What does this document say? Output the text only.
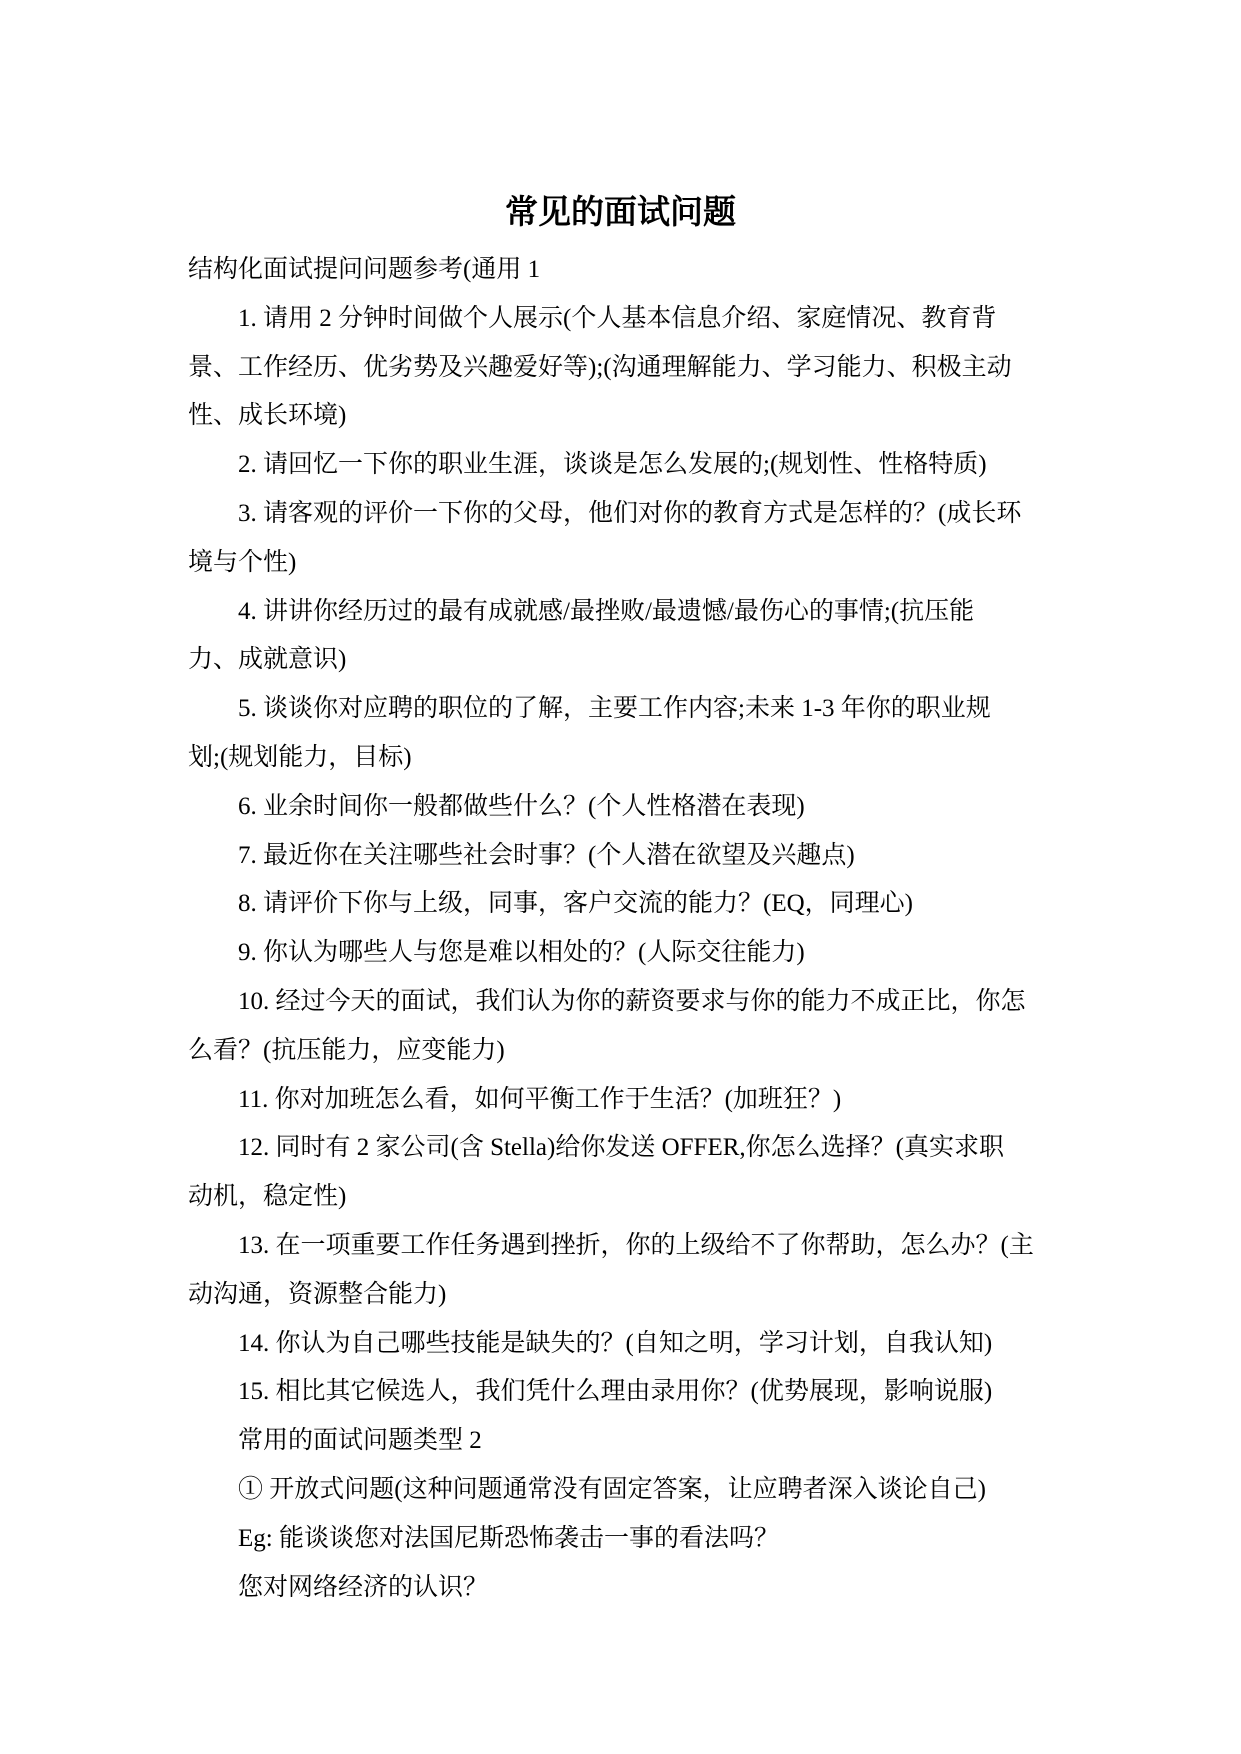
常见的面试问题
结构化面试提问问题参考(通用 1
1. 请用 2 分钟时间做个人展示(个人基本信息介绍、家庭情况、教育背
景、工作经历、优劣势及兴趣爱好等);(沟通理解能力、学习能力、积极主动
性、成长环境)
2. 请回忆一下你的职业生涯，谈谈是怎么发展的;(规划性、性格特质)
3. 请客观的评价一下你的父母，他们对你的教育方式是怎样的？(成长环
境与个性)
4. 讲讲你经历过的最有成就感/最挫败/最遗憾/最伤心的事情;(抗压能
力、成就意识)
5. 谈谈你对应聘的职位的了解，主要工作内容;未来 1-3 年你的职业规
划;(规划能力，目标)
6. 业余时间你一般都做些什么？(个人性格潜在表现)
7. 最近你在关注哪些社会时事？(个人潜在欲望及兴趣点)
8. 请评价下你与上级，同事，客户交流的能力？(EQ，同理心)
9. 你认为哪些人与您是难以相处的？(人际交往能力)
10. 经过今天的面试，我们认为你的薪资要求与你的能力不成正比，你怎
么看？(抗压能力，应变能力)
11. 你对加班怎么看，如何平衡工作于生活？(加班狂？)
12. 同时有 2 家公司(含 Stella)给你发送 OFFER,你怎么选择？(真实求职
动机，稳定性)
13. 在一项重要工作任务遇到挫折，你的上级给不了你帮助，怎么办？(主
动沟通，资源整合能力)
14. 你认为自己哪些技能是缺失的？(自知之明，学习计划，自我认知)
15. 相比其它候选人，我们凭什么理由录用你？(优势展现，影响说服)
常用的面试问题类型 2
① 开放式问题(这种问题通常没有固定答案，让应聘者深入谈论自己)
Eg: 能谈谈您对法国尼斯恐怖袭击一事的看法吗？
您对网络经济的认识？
